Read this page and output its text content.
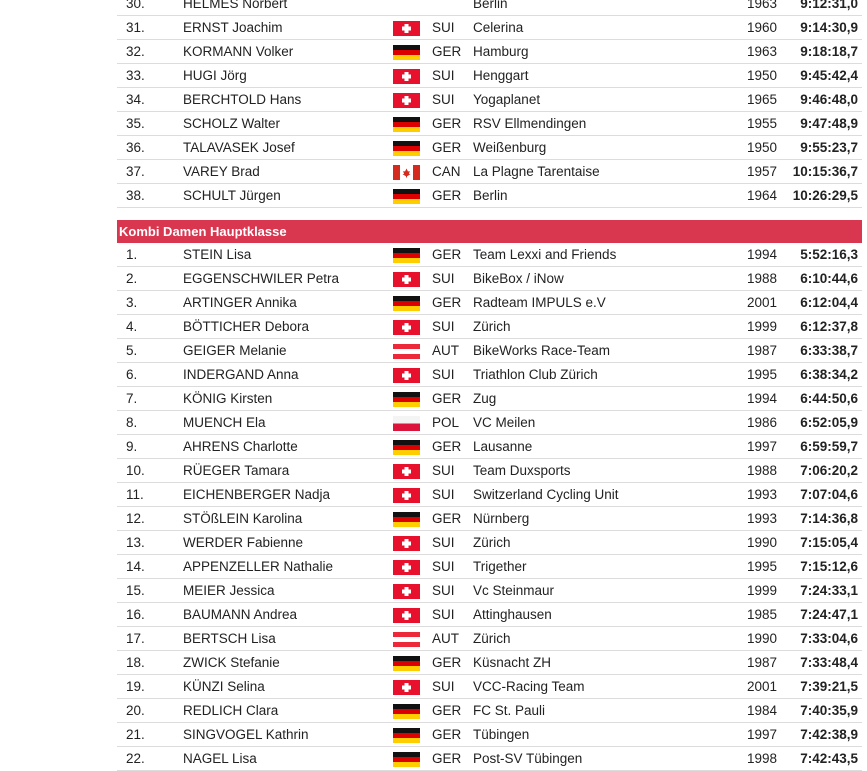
30.	HELMES Norbert	Berlin	1963 9:12:31,0
31.	ERNST Joachim	SUI Celerina	1960 9:14:30,9
32.	KORMANN Volker	GER Hamburg	1963 9:18:18,7
33.	HUGI Jörg	SUI Henggart	1950 9:45:42,4
34.	BERCHTOLD Hans	SUI Yogaplanet	1965 9:46:48,0
35.	SCHOLZ Walter	GER RSV Ellmendingen	1955 9:47:48,9
36.	TALAVASEK Josef	GER Weißenburg	1950 9:55:23,7
37.	VAREY Brad	CAN La Plagne Tarentaise	1957 10:15:36,7
38.	SCHULT Jürgen	GER Berlin	1964 10:26:29,5
Kombi Damen Hauptklasse
1.	STEIN Lisa	GER Team Lexxi and Friends	1994 5:52:16,3
2.	EGGENSCHWILER Petra	SUI BikeBox / iNow	1988 6:10:44,6
3.	ARTINGER Annika	GER Radteam IMPULS e.V	2001 6:12:04,4
4.	BÖTTICHER Debora	SUI Zürich	1999 6:12:37,8
5.	GEIGER Melanie	AUT BikeWorks Race-Team	1987 6:33:38,7
6.	INDERGAND Anna	SUI Triathlon Club Zürich	1995 6:38:34,2
7.	KÖNIG Kirsten	GER Zug	1994 6:44:50,6
8.	MUENCH Ela	POL VC Meilen	1986 6:52:05,9
9.	AHRENS Charlotte	GER Lausanne	1997 6:59:59,7
10.	RÜEGER Tamara	SUI Team Duxsports	1988 7:06:20,2
11.	EICHENBERGER Nadja	SUI Switzerland Cycling Unit	1993 7:07:04,6
12.	STÖßLEIN Karolina	GER Nürnberg	1993 7:14:36,8
13.	WERDER Fabienne	SUI Zürich	1990 7:15:05,4
14.	APPENZELLER Nathalie	SUI Trigether	1995 7:15:12,6
15.	MEIER Jessica	SUI Vc Steinmaur	1999 7:24:33,1
16.	BAUMANN Andrea	SUI Attinghausen	1985 7:24:47,1
17.	BERTSCH Lisa	AUT Zürich	1990 7:33:04,6
18.	ZWICK Stefanie	GER Küsnacht ZH	1987 7:33:48,4
19.	KÜNZI Selina	SUI VCC-Racing Team	2001 7:39:21,5
20.	REDLICH Clara	GER FC St. Pauli	1984 7:40:35,9
21.	SINGVOGEL Kathrin	GER Tübingen	1997 7:42:38,9
22.	NAGEL Lisa	GER Post-SV Tübingen	1998 7:42:43,5
